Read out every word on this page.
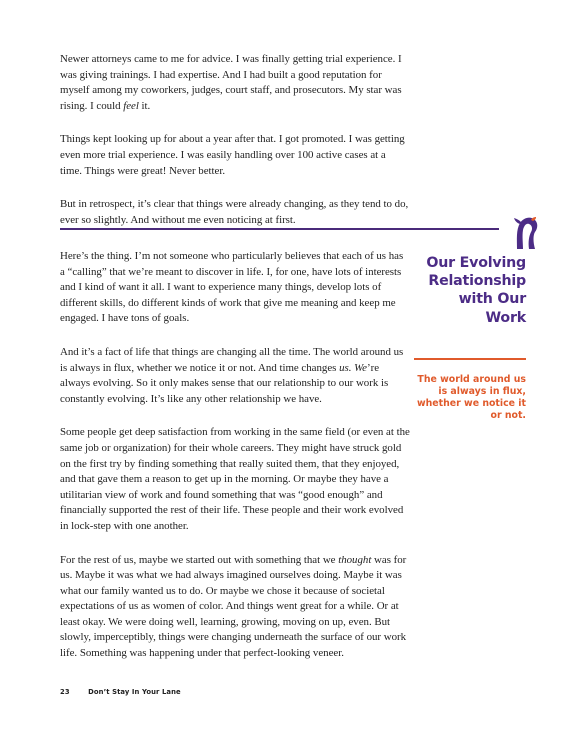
Newer attorneys came to me for advice. I was finally getting trial experience. I was giving trainings. I had expertise. And I had built a good reputation for myself among my coworkers, judges, court staff, and prosecutors. My star was rising. I could feel it.

Things kept looking up for about a year after that. I got promoted. I was getting even more trial experience. I was easily handling over 100 active cases at a time. Things were great! Never better.

But in retrospect, it’s clear that things were already changing, as they tend to do, ever so slightly. And without me even noticing at first.

Here’s the thing. I’m not someone who particularly believes that each of us has a “calling” that we’re meant to discover in life. I, for one, have lots of interests and I kind of want it all. I want to experience many things, develop lots of different skills, do different kinds of work that give me meaning and keep me engaged. I have tons of goals.

And it’s a fact of life that things are changing all the time. The world around us is always in flux, whether we notice it or not. And time changes us. We’re always evolving. So it only makes sense that our relationship to our work is constantly evolving. It’s like any other relationship we have.

Some people get deep satisfaction from working in the same field (or even at the same job or organization) for their whole careers. They might have struck gold on the first try by finding something that really suited them, that they enjoyed, and that gave them a reason to get up in the morning. Or maybe they have a utilitarian view of work and found something that was “good enough” and financially supported the rest of their life. These people and their work evolved in lock-step with one another.

For the rest of us, maybe we started out with something that we thought was for us. Maybe it was what we had always imagined ourselves doing. Maybe it was what our family wanted us to do. Or maybe we chose it because of societal expectations of us as women of color. And things went great for a while. Or at least okay. We were doing well, learning, growing, moving on up, even. But slowly, imperceptibly, things were changing underneath the surface of our work life. Something was happening under that perfect-looking veneer.

Our Evolving Relationship with Our Work

The world around us is always in flux, whether we notice it or not.

23	Don’t Stay In Your Lane
